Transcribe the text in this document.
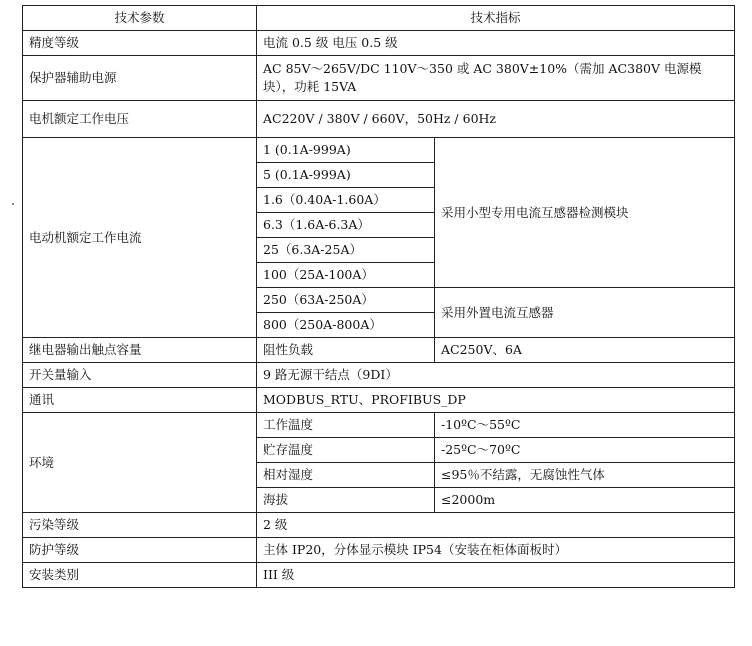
技术参数	技术指标	
精度等级	电流 0.5 级 电压 0.5 级	
保护器辅助电源	AC 85V～265V/DC 110V～350 或 AC 380V±10%（需加 AC380V 电源模块），功耗 15VA	
电机额定工作电压	AC220V / 380V / 660V，50Hz / 60Hz	
电动机额定工作电流	1 (0.1A-999A)	采用小型专用电流互感器检测模块
	5 (0.1A-999A)	
	1.6（0.40A-1.60A）	
	6.3（1.6A-6.3A）	
	25（6.3A-25A）	
	100（25A-100A）	
	250（63A-250A）	采用外置电流互感器
	800（250A-800A）	
继电器输出触点容量	阻性负载	AC250V、6A
开关量输入	9 路无源干结点（9DI）	
通讯	MODBUS_RTU、PROFIBUS_DP	
环境	工作温度	-10ºC～55ºC
	贮存温度	-25ºC～70ºC
	相对湿度	≤95％不结露，无腐蚀性气体
	海拔	≤2000m
污染等级	2 级	
防护等级	主体 IP20，分体显示模块 IP54（安装在柜体面板时）	
安装类别	III 级	
